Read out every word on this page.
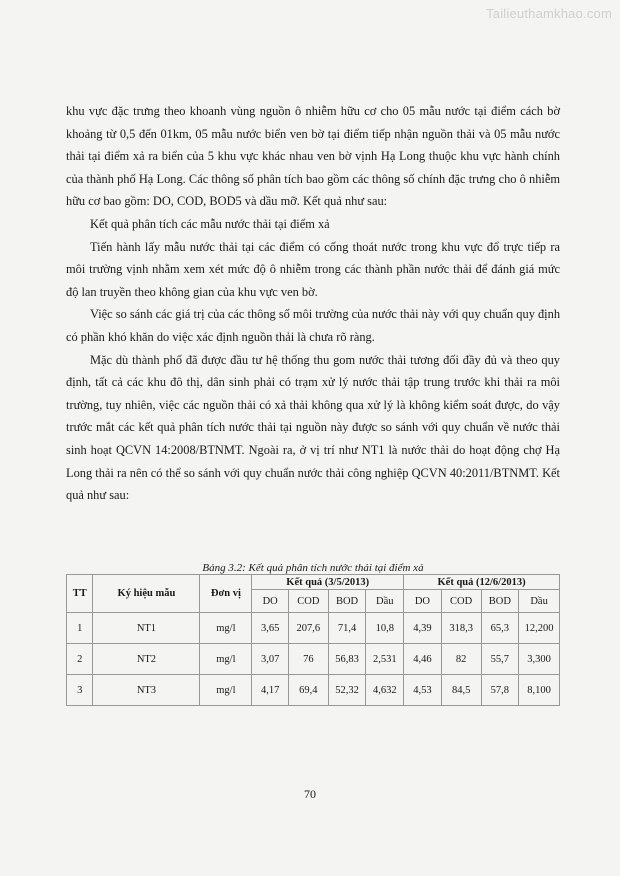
Tailieuthamkhao.com

khu vực đặc trưng theo khoanh vùng nguồn ô nhiễm hữu cơ cho 05 mẫu nước tại điểm cách bờ khoảng từ 0,5 đến 01km, 05 mẫu nước biển ven bờ tại điểm tiếp nhận nguồn thải và 05 mẫu nước thải tại điểm xả ra biển của 5 khu vực khác nhau ven bờ vịnh Hạ Long thuộc khu vực hành chính của thành phố Hạ Long. Các thông số phân tích bao gồm các thông số chính đặc trưng cho ô nhiễm hữu cơ bao gồm: DO, COD, BOD5 và dầu mỡ. Kết quả như sau:

Kết quả phân tích các mẫu nước thải tại điểm xả

Tiến hành lấy mẫu nước thải tại các điểm có cống thoát nước trong khu vực đổ trực tiếp ra môi trường vịnh nhằm xem xét mức độ ô nhiễm trong các thành phần nước thải để đánh giá mức độ lan truyền theo không gian của khu vực ven bờ.

Việc so sánh các giá trị của các thông số môi trường của nước thải này với quy chuẩn quy định có phần khó khăn do việc xác định nguồn thải là chưa rõ ràng.

Mặc dù thành phố đã được đầu tư hệ thống thu gom nước thải tương đối đầy đủ và theo quy định, tất cả các khu đô thị, dân sinh phải có trạm xử lý nước thải tập trung trước khi thải ra môi trường, tuy nhiên, việc các nguồn thải có xả thải không qua xử lý là không kiểm soát được, do vậy trước mắt các kết quả phân tích nước thải tại nguồn này được so sánh với quy chuẩn về nước thải sinh hoạt QCVN 14:2008/BTNMT. Ngoài ra, ở vị trí như NT1 là nước thải do hoạt động chợ Hạ Long thải ra nên có thể so sánh với quy chuẩn nước thải công nghiệp QCVN 40:2011/BTNMT. Kết quả như sau:

Bảng 3.2: Kết quả phân tích nước thải tại điểm xả
TT	Ký hiệu mẫu	Đơn vị	Kết quả (3/5/2013)				Kết quả (12/6/2013)			
			DO	COD	BOD	Dầu	DO	COD	BOD	Dầu
1	NT1	mg/l	3,65	207,6	71,4	10,8	4,39	318,3	65,3	12,200
2	NT2	mg/l	3,07	76	56,83	2,531	4,46	82	55,7	3,300
3	NT3	mg/l	4,17	69,4	52,32	4,632	4,53	84,5	57,8	8,100
70
